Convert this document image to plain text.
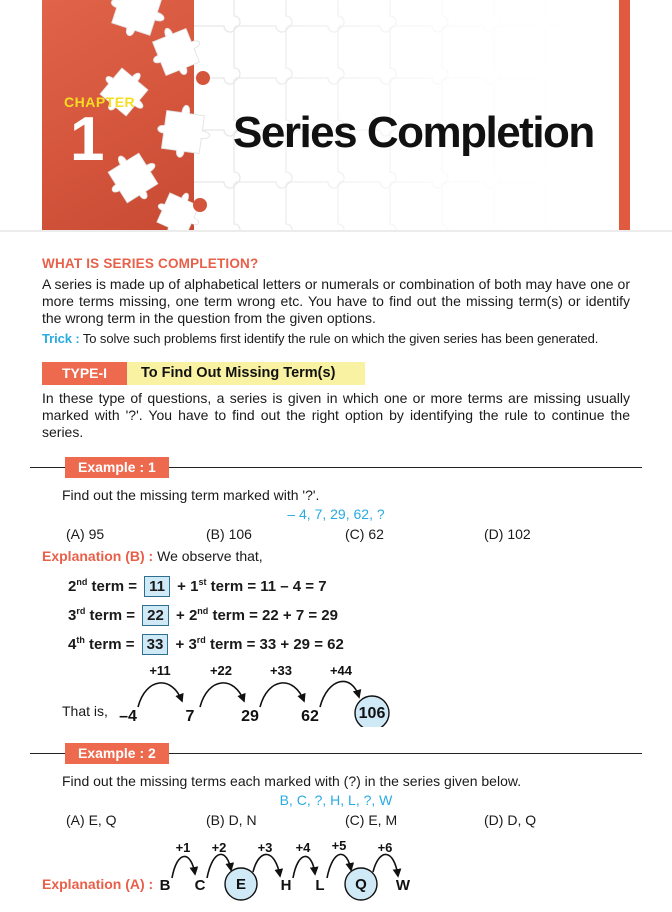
CHAPTER
1	Series Completion
WHAT IS SERIES COMPLETION?

A series is made up of alphabetical letters or numerals or combination of both may have one or more terms missing, one term wrong etc. You have to find out the missing term(s) or identify the wrong term in the question from the given options.

Trick : To solve such problems first identify the rule on which the given series has been generated.

TYPE-I	To Find Out Missing Term(s)

In these type of questions, a series is given in which one or more terms are missing usually marked with '?'. You have to find out the right option by identifying the rule to continue the series.

Example : 1

Find out the missing term marked with '?'.

– 4, 7, 29, 62, ?
(A) 95	(B) 106	(C) 62	(D) 102

Explanation (B) : We observe that,

2nd term = 11 + 1st term = 11 – 4 = 7
3rd term = 22 + 2nd term = 22 + 7 = 29
4th term = 33 + 3rd term = 33 + 29 = 62
That is,
+11	+22	+33	+44
–4	7	29	62 106
Example : 2

Find out the missing terms each marked with (?) in the series given below.

B, C, ?, H, L, ?, W
(A) E, Q	(B) D, N	(C) E, M	(D) D, Q
Explanation (A) :
+1 +2 +3 +4 +5 +6
B C E H L Q W
